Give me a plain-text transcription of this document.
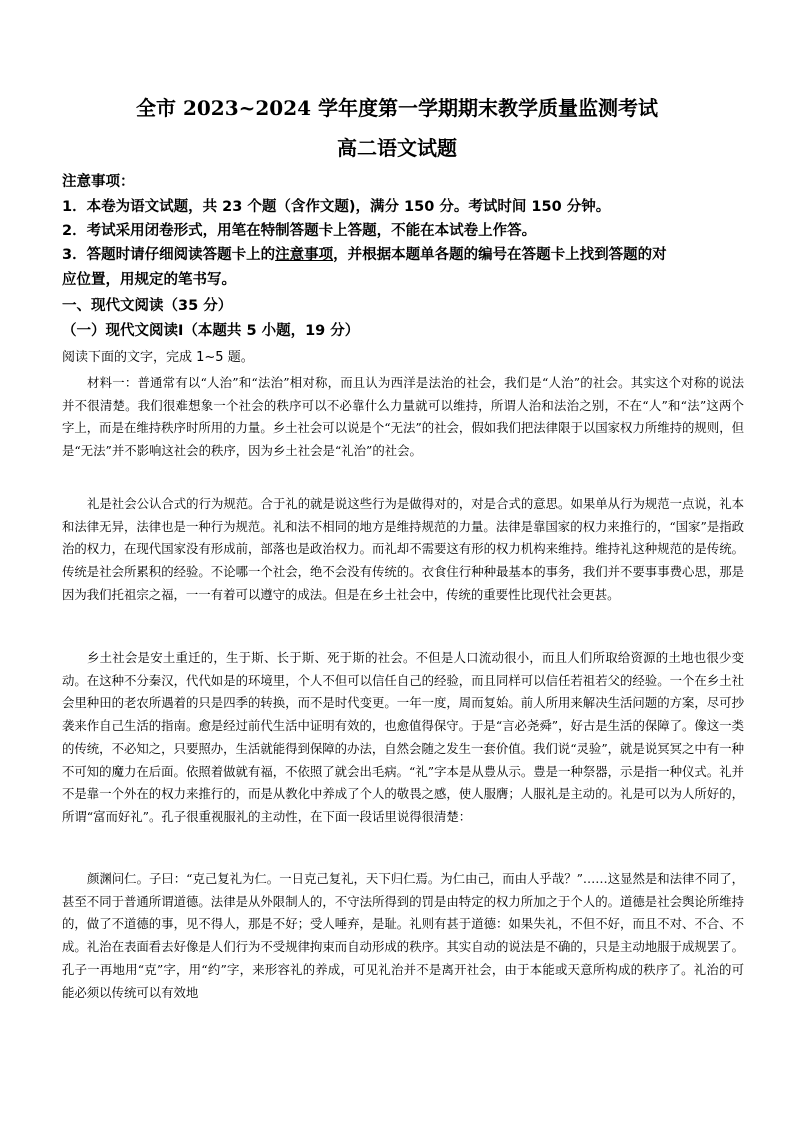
全市 2023~2024 学年度第一学期期末教学质量监测考试
高二语文试题

注意事项：

1．本卷为语文试题，共 23 个题（含作文题)，满分 150 分。考试时间 150 分钟。

2．考试采用闭卷形式，用笔在特制答题卡上答题，不能在本试卷上作答。

3．答题时请仔细阅读答题卡上的注意事项，并根据本题单各题的编号在答题卡上找到答题的对

应位置，用规定的笔书写。

一、现代文阅读（35 分）

（一）现代文阅读Ⅰ（本题共 5 小题，19 分）

阅读下面的文字，完成 1~5 题。

材料一：普通常有以“人治”和“法治”相对称，而且认为西洋是法治的社会，我们是“人治”的社会。其实这个对称的说法并不很清楚。我们很难想象一个社会的秩序可以不必靠什么力量就可以维持，所谓人治和法治之别，不在“人”和“法”这两个字上，而是在维持秩序时所用的力量。乡土社会可以说是个“无法”的社会，假如我们把法律限于以国家权力所维持的规则，但是“无法”并不影响这社会的秩序，因为乡土社会是“礼治”的社会。

礼是社会公认合式的行为规范。合于礼的就是说这些行为是做得对的，对是合式的意思。如果单从行为规范一点说，礼本和法律无异，法律也是一种行为规范。礼和法不相同的地方是维持规范的力量。法律是靠国家的权力来推行的，“国家”是指政治的权力，在现代国家没有形成前，部落也是政治权力。而礼却不需要这有形的权力机构来维持。维持礼这种规范的是传统。传统是社会所累积的经验。不论哪一个社会，绝不会没有传统的。衣食住行种种最基本的事务，我们并不要事事费心思，那是因为我们托祖宗之福，一一有着可以遵守的成法。但是在乡土社会中，传统的重要性比现代社会更甚。

乡土社会是安土重迁的，生于斯、长于斯、死于斯的社会。不但是人口流动很小，而且人们所取给资源的土地也很少变动。在这种不分秦汉，代代如是的环境里，个人不但可以信任自己的经验，而且同样可以信任若祖若父的经验。一个在乡土社会里种田的老农所遇着的只是四季的转换，而不是时代变更。一年一度，周而复始。前人所用来解决生活问题的方案，尽可抄袭来作自己生活的指南。愈是经过前代生活中证明有效的，也愈值得保守。于是“言必尧舜”，好古是生活的保障了。像这一类的传统，不必知之，只要照办，生活就能得到保障的办法，自然会随之发生一套价值。我们说“灵验”，就是说冥冥之中有一种不可知的魔力在后面。依照着做就有福，不依照了就会出毛病。“礼”字本是从豊从示。豊是一种祭器，示是指一种仪式。礼并不是靠一个外在的权力来推行的，而是从教化中养成了个人的敬畏之感，使人服膺；人服礼是主动的。礼是可以为人所好的，所谓“富而好礼”。孔子很重视服礼的主动性，在下面一段话里说得很清楚：

颜渊问仁。子曰：“克己复礼为仁。一日克己复礼，天下归仁焉。为仁由己，而由人乎哉？”……这显然是和法律不同了，甚至不同于普通所谓道德。法律是从外限制人的，不守法所得到的罚是由特定的权力所加之于个人的。道德是社会舆论所维持的，做了不道德的事，见不得人，那是不好；受人唾弃，是耻。礼则有甚于道德：如果失礼，不但不好，而且不对、不合、不成。礼治在表面看去好像是人们行为不受规律拘束而自动形成的秩序。其实自动的说法是不确的，只是主动地服于成规罢了。孔子一再地用“克”字，用“约”字，来形容礼的养成，可见礼治并不是离开社会，由于本能或天意所构成的秩序了。礼治的可能必须以传统可以有效地
